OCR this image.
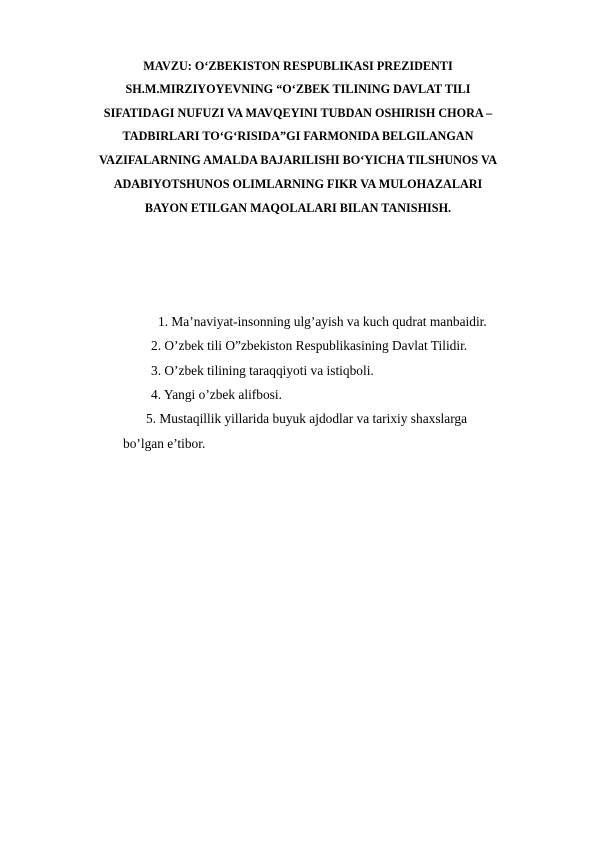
MAVZU: O‘ZBEKISTON RESPUBLIKASI PREZIDENTI
SH.M.MIRZIYOYEVNING “O‘ZBEK TILINING DAVLAT TILI
SIFATIDAGI NUFUZI VA MAVQEYINI TUBDAN OSHIRISH CHORA –
TADBIRLARI TO‘G‘RISIDA”GI FARMONIDA BELGILANGAN
VAZIFALARNING AMALDA BAJARILISHI BO‘YICHA TILSHUNOS VA
ADABIYOTSHUNOS OLIMLARNING FIKR VA MULOHAZALARI
BAYON ETILGAN MAQOLALARI BILAN TANISHISH.
1. Ma’naviyat-insonning ulg’ayish va kuch qudrat manbaidir.
2. O’zbek tili O”zbekiston Respublikasining Davlat Tilidir.
3. O’zbek tilining taraqqiyoti va istiqboli.
4. Yangi o’zbek alifbosi.
5. Mustaqillik yillarida buyuk ajdodlar va tarixiy shaxslarga
bo’lgan e’tibor.
